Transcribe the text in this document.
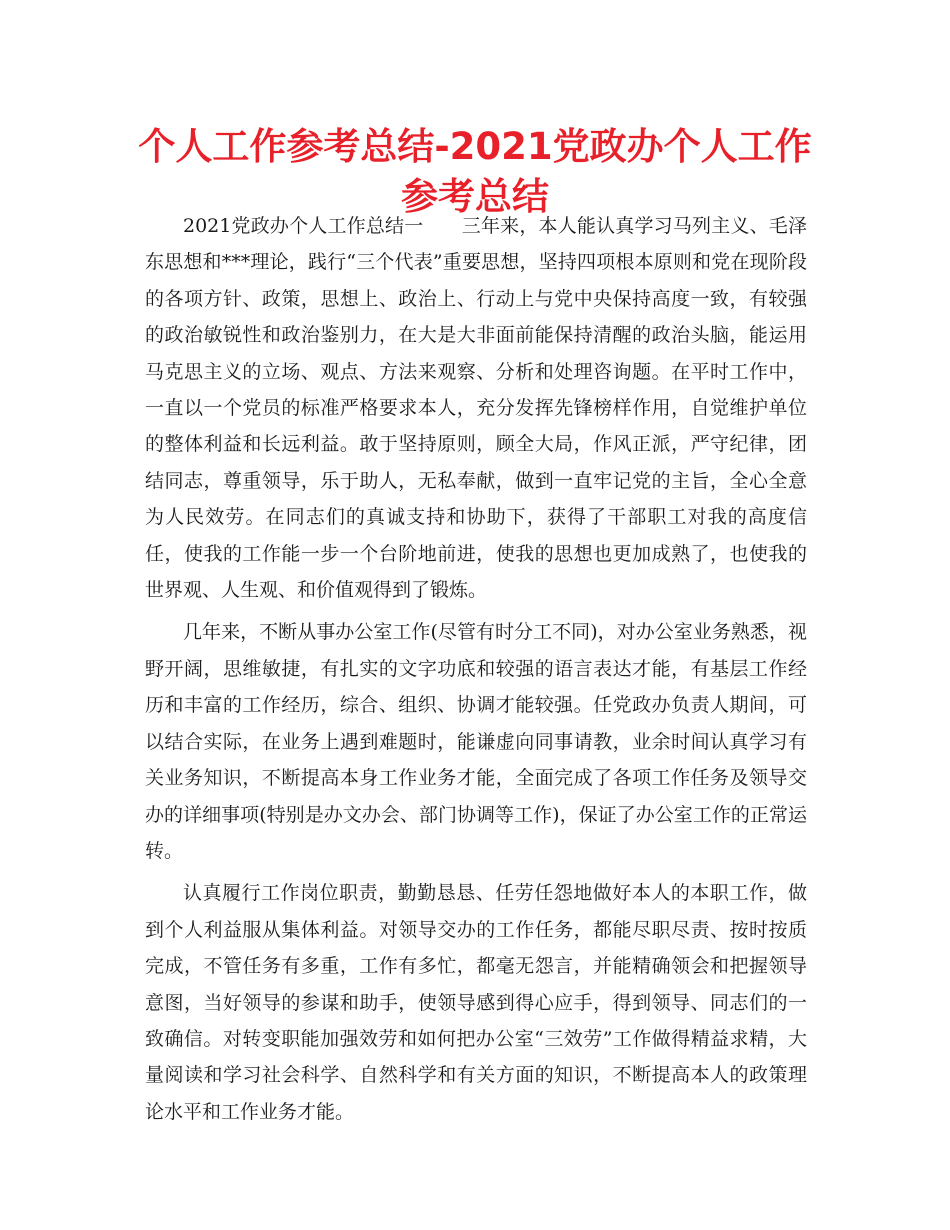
个人工作参考总结-2021党政办个人工作参考总结

2021党政办个人工作总结一　　三年来，本人能认真学习马列主义、毛泽东思想和***理论，践行“三个代表”重要思想，坚持四项根本原则和党在现阶段的各项方针、政策，思想上、政治上、行动上与党中央保持高度一致，有较强的政治敏锐性和政治鉴别力，在大是大非面前能保持清醒的政治头脑，能运用马克思主义的立场、观点、方法来观察、分析和处理咨询题。在平时工作中，一直以一个党员的标准严格要求本人，充分发挥先锋榜样作用，自觉维护单位的整体利益和长远利益。敢于坚持原则，顾全大局，作风正派，严守纪律，团结同志，尊重领导，乐于助人，无私奉献，做到一直牢记党的主旨，全心全意为人民效劳。在同志们的真诚支持和协助下，获得了干部职工对我的高度信任，使我的工作能一步一个台阶地前进，使我的思想也更加成熟了，也使我的世界观、人生观、和价值观得到了锻炼。

几年来，不断从事办公室工作(尽管有时分工不同)，对办公室业务熟悉，视野开阔，思维敏捷，有扎实的文字功底和较强的语言表达才能，有基层工作经历和丰富的工作经历，综合、组织、协调才能较强。任党政办负责人期间，可以结合实际，在业务上遇到难题时，能谦虚向同事请教，业余时间认真学习有关业务知识，不断提高本身工作业务才能，全面完成了各项工作任务及领导交办的详细事项(特别是办文办会、部门协调等工作)，保证了办公室工作的正常运转。

认真履行工作岗位职责，勤勤恳恳、任劳任怨地做好本人的本职工作，做到个人利益服从集体利益。对领导交办的工作任务，都能尽职尽责、按时按质完成，不管任务有多重，工作有多忙，都毫无怨言，并能精确领会和把握领导意图，当好领导的参谋和助手，使领导感到得心应手，得到领导、同志们的一致确信。对转变职能加强效劳和如何把办公室“三效劳”工作做得精益求精，大量阅读和学习社会科学、自然科学和有关方面的知识，不断提高本人的政策理论水平和工作业务才能。
